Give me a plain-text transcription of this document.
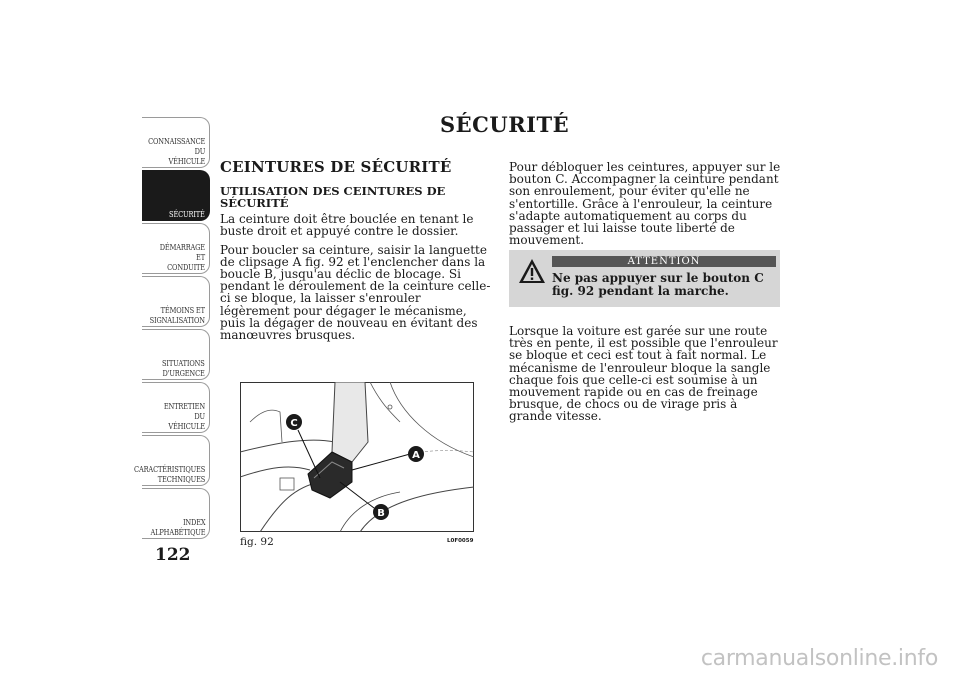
CONNAISSANCE DU
VÉHICULE
SÉCURITÉ
DÉMARRAGE ET
CONDUITE
TÉMOINS ET
SIGNALISATION
SITUATIONS
D'URGENCE
ENTRETIEN DU
VÉHICULE
CARACTÉRISTIQUES
TECHNIQUES
INDEX
ALPHABÉTIQUE
122
SÉCURITÉ
CEINTURES DE SÉCURITÉ
UTILISATION DES CEINTURES DE SÉCURITÉ

La ceinture doit être bouclée en tenant le buste droit et appuyé contre le dossier.

Pour boucler sa ceinture, saisir la languette de clipsage A fig. 92 et l'enclencher dans la boucle B, jusqu'au déclic de blocage. Si pendant le déroulement de la ceinture celle-ci se bloque, la laisser s'enrouler légèrement pour dégager le mécanisme, puis la dégager de nouveau en évitant des manœuvres brusques.

Pour débloquer les ceintures, appuyer sur le bouton C. Accompagner la ceinture pendant son enroulement, pour éviter qu'elle ne s'entortille. Grâce à l'enrouleur, la ceinture s'adapte automatiquement au corps du passager et lui laisse toute liberté de mouvement.

ATTENTION
Ne pas appuyer sur le bouton C fig. 92 pendant la marche.

Lorsque la voiture est garée sur une route très en pente, il est possible que l'enrouleur se bloque et ceci est tout à fait normal. Le mécanisme de l'enrouleur bloque la sangle chaque fois que celle-ci est soumise à un mouvement rapide ou en cas de freinage brusque, de chocs ou de virage pris à grande vitesse.

C
A
B
fig. 92	L0F0059
carmanualsonline.info
